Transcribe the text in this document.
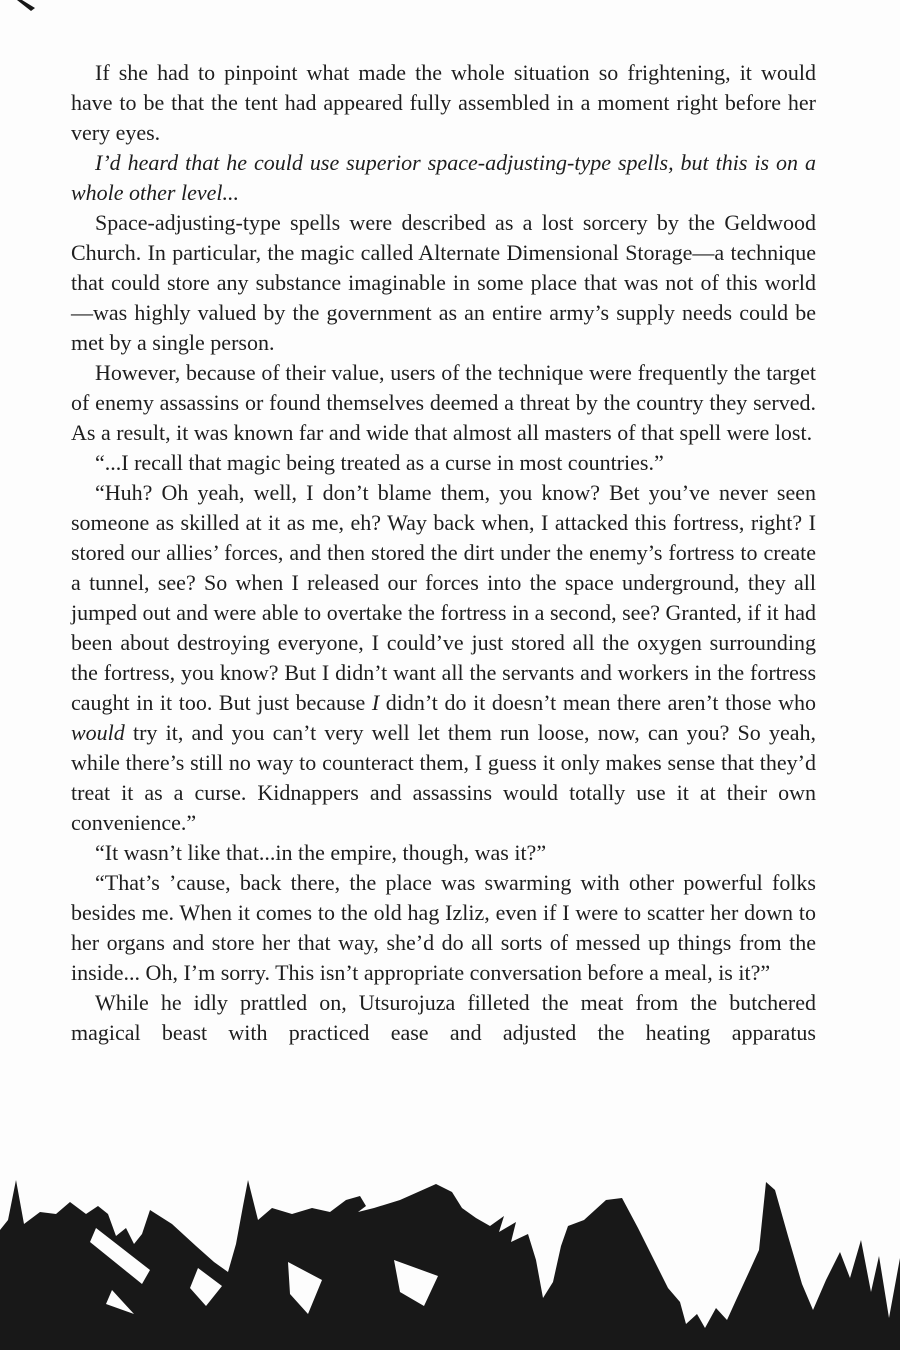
If she had to pinpoint what made the whole situation so frightening, it would have to be that the tent had appeared fully assembled in a moment right before her very eyes.

I’d heard that he could use superior space-adjusting-type spells, but this is on a whole other level...

Space-adjusting-type spells were described as a lost sorcery by the Geldwood Church. In particular, the magic called Alternate Dimensional Storage—a technique that could store any substance imaginable in some place that was not of this world—was highly valued by the government as an entire army’s supply needs could be met by a single person.

However, because of their value, users of the technique were frequently the target of enemy assassins or found themselves deemed a threat by the country they served. As a result, it was known far and wide that almost all masters of that spell were lost.

“...I recall that magic being treated as a curse in most countries.”

“Huh? Oh yeah, well, I don’t blame them, you know? Bet you’ve never seen someone as skilled at it as me, eh? Way back when, I attacked this fortress, right? I stored our allies’ forces, and then stored the dirt under the enemy’s fortress to create a tunnel, see? So when I released our forces into the space underground, they all jumped out and were able to overtake the fortress in a second, see? Granted, if it had been about destroying everyone, I could’ve just stored all the oxygen surrounding the fortress, you know? But I didn’t want all the servants and workers in the fortress caught in it too. But just because I didn’t do it doesn’t mean there aren’t those who would try it, and you can’t very well let them run loose, now, can you? So yeah, while there’s still no way to counteract them, I guess it only makes sense that they’d treat it as a curse. Kidnappers and assassins would totally use it at their own convenience.”

“It wasn’t like that...in the empire, though, was it?”

“That’s ’cause, back there, the place was swarming with other powerful folks besides me. When it comes to the old hag Izliz, even if I were to scatter her down to her organs and store her that way, she’d do all sorts of messed up things from the inside... Oh, I’m sorry. This isn’t appropriate conversation before a meal, is it?”

While he idly prattled on, Utsurojuza filleted the meat from the butchered magical beast with practiced ease and adjusted the heating apparatus
